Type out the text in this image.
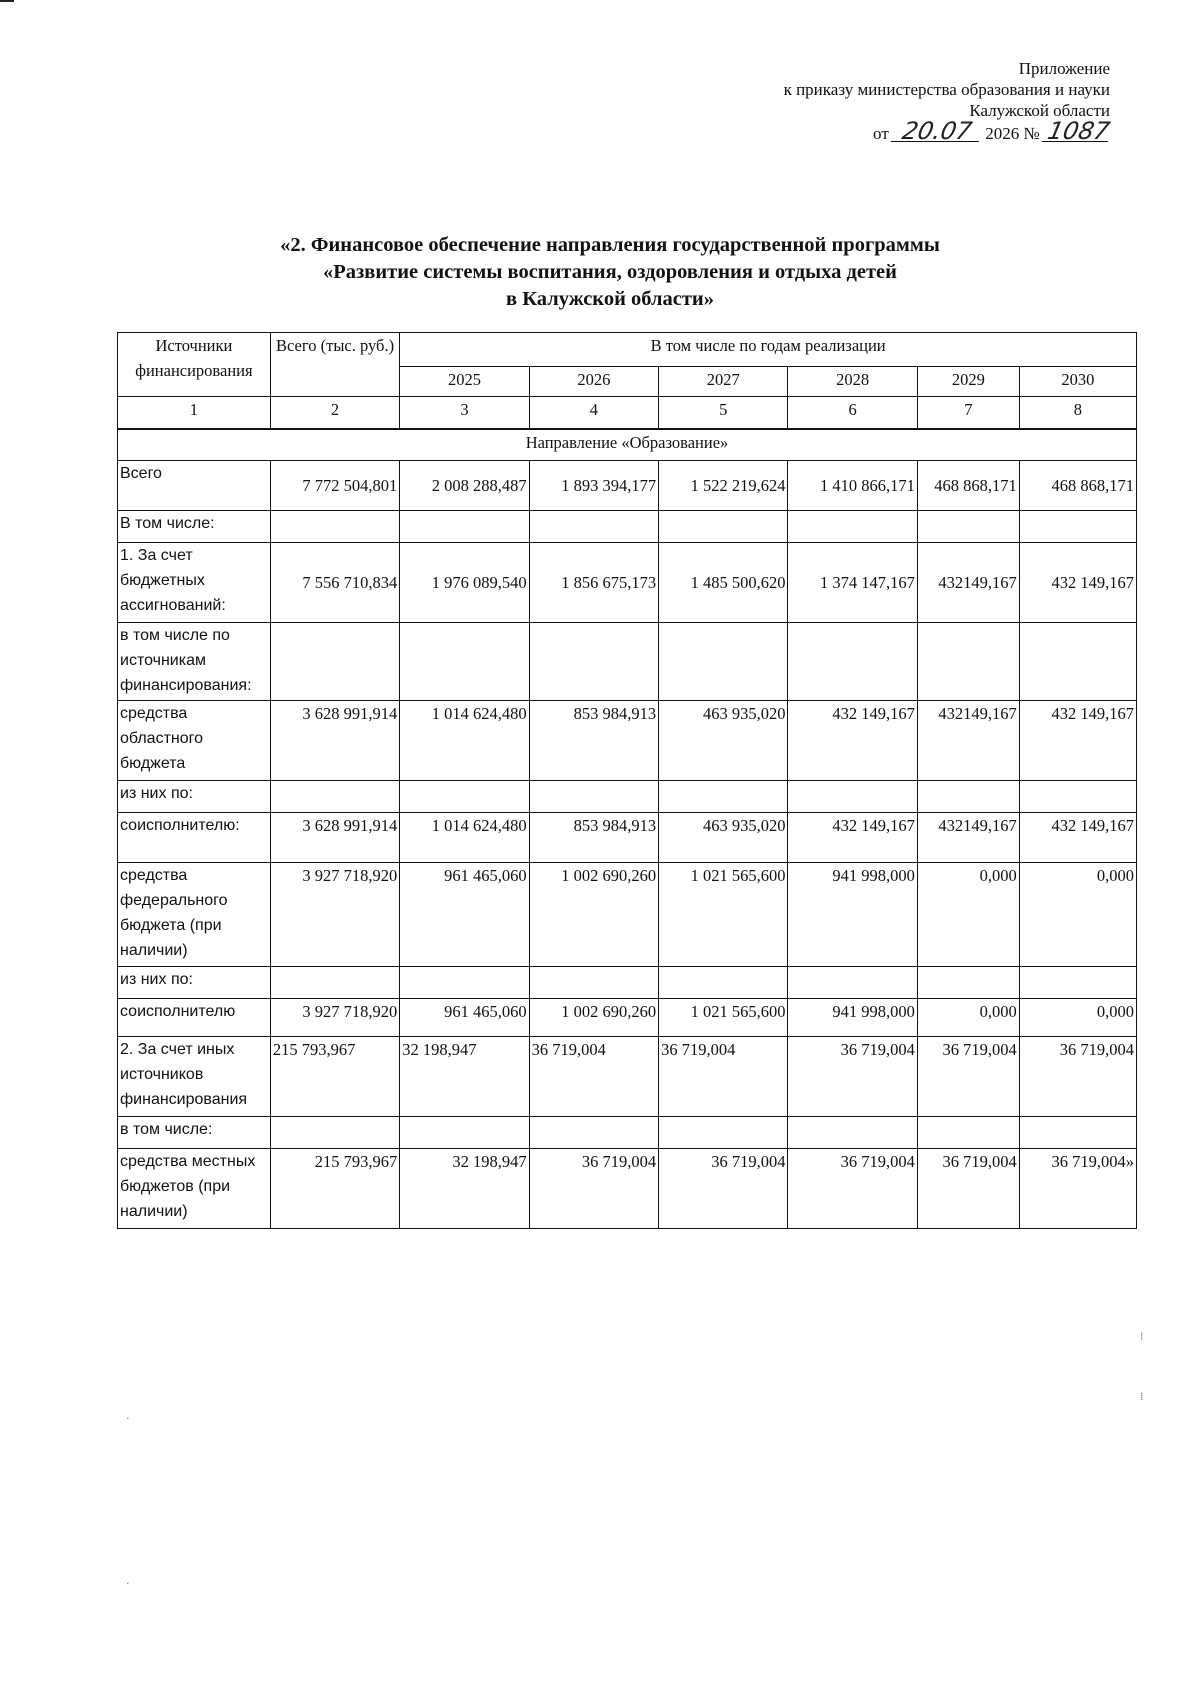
Приложение
к приказу министерства образования и науки
Калужской области
от 20.07 2026 № 1087
«2. Финансовое обеспечение направления государственной программы
«Развитие системы воспитания, оздоровления и отдыха детей
в Калужской области»
Источники финансирования	Всего (тыс. руб.)	В том числе по годам реализации					
		2025	2026	2027	2028	2029	2030
1	2	3	4	5	6	7	8
Направление «Образование»							
Всего	7 772 504,801	2 008 288,487	1 893 394,177	1 522 219,624	1 410 866,171	468 868,171	468 868,171
В том числе:							
1. За счет бюджетных ассигнований:	7 556 710,834	1 976 089,540	1 856 675,173	1 485 500,620	1 374 147,167	432149,167	432 149,167
в том числе по источникам финансирования:							
средства областного бюджета	3 628 991,914	1 014 624,480	853 984,913	463 935,020	432 149,167	432149,167	432 149,167
из них по:							
соисполнителю:	3 628 991,914	1 014 624,480	853 984,913	463 935,020	432 149,167	432149,167	432 149,167
средства федерального бюджета (при наличии)	3 927 718,920	961 465,060	1 002 690,260	1 021 565,600	941 998,000	0,000	0,000
из них по:							
соисполнителю	3 927 718,920	961 465,060	1 002 690,260	1 021 565,600	941 998,000	0,000	0,000
2. За счет иных источников финансирования	215 793,967	32 198,947	36 719,004	36 719,004	36 719,004	36 719,004	36 719,004
в том числе:							
средства местных бюджетов (при наличии)	215 793,967	32 198,947	36 719,004	36 719,004	36 719,004	36 719,004	36 719,004»
·
·
⁞
⁞
